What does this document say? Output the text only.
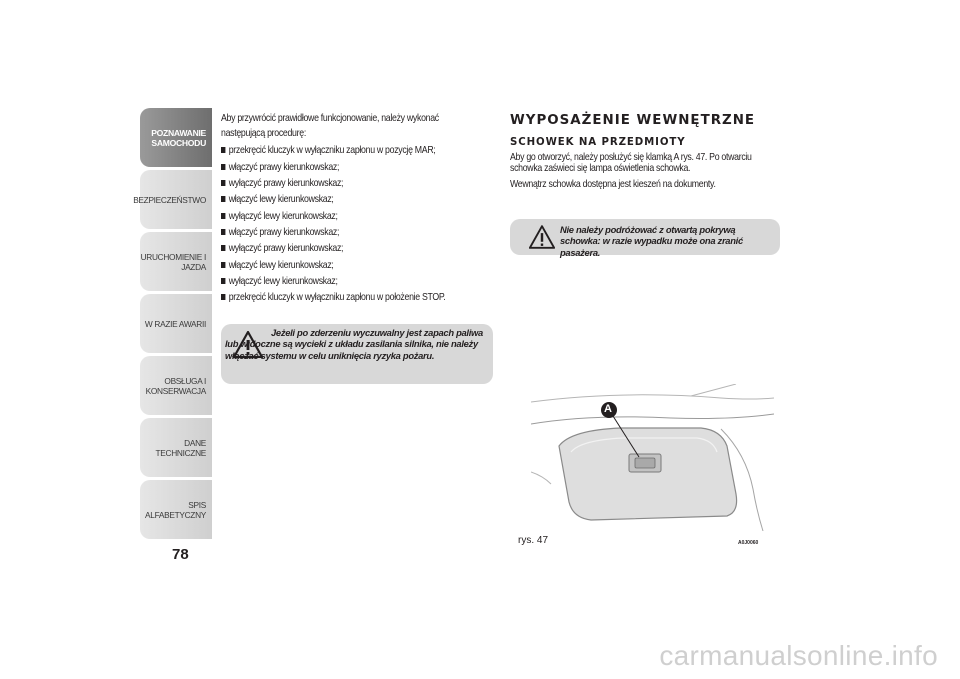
POZNAWANIE
SAMOCHODU
BEZPIECZEŃSTWO
URUCHOMIENIE I
JAZDA
W RAZIE AWARII
OBSŁUGA I
KONSERWACJA
DANE TECHNICZNE
SPIS ALFABETYCZNY
78

Aby przywrócić prawidłowe funkcjonowanie, należy wykonać następującą procedurę:

przekręcić kluczyk w wyłączniku zapłonu w pozycję MAR;
włączyć prawy kierunkowskaz;
wyłączyć prawy kierunkowskaz;
włączyć lewy kierunkowskaz;
wyłączyć lewy kierunkowskaz;
włączyć prawy kierunkowskaz;
wyłączyć prawy kierunkowskaz;
włączyć lewy kierunkowskaz;
wyłączyć lewy kierunkowskaz;
przekręcić kluczyk w wyłączniku zapłonu w położenie STOP.
Jeżeli po zderzeniu wyczuwalny jest zapach paliwa lub widoczne są wycieki z układu zasilania silnika, nie należy włączać systemu w celu uniknięcia ryzyka pożaru.
WYPOSAŻENIE WEWNĘTRZNE
SCHOWEK NA PRZEDMIOTY

Aby go otworzyć, należy posłużyć się klamką A rys. 47. Po otwarciu schowka zaświeci się lampa oświetlenia schowka.

Wewnątrz schowka dostępna jest kieszeń na dokumenty.

Nie należy podróżować z otwartą pokrywą schowka: w razie wypadku może ona zranić pasażera.
A
rys. 47	A0J0060
carmanualsonline.info
